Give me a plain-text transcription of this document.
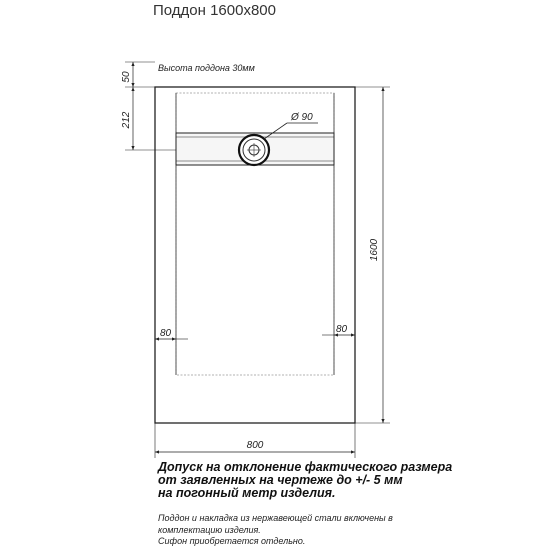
Поддон 1600х800
Ø 90
Высота поддона 30мм
50
212
1600
80	80
800
Допуск на отклонение фактического размера
от заявленных на чертеже до +/- 5 мм
на погонный метр изделия.
Поддон и накладка из нержавеющей стали включены в
комплектацию изделия.
Сифон приобретается отдельно.
